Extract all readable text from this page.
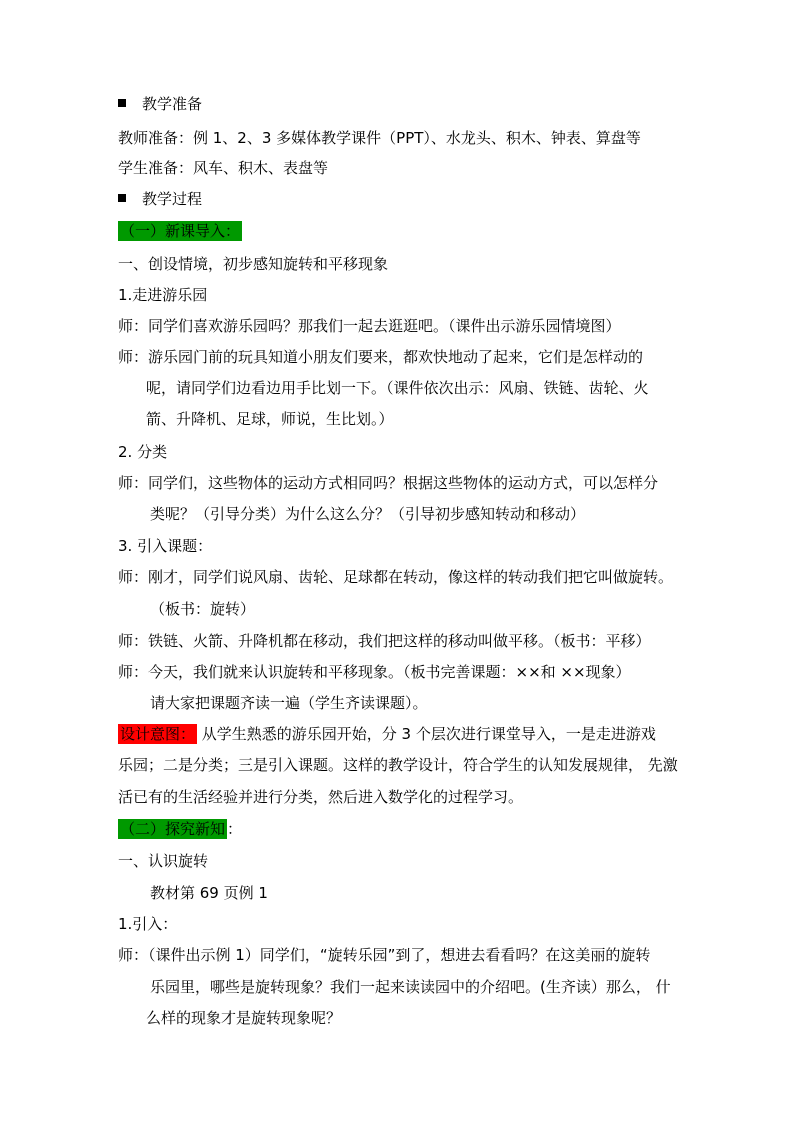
教学准备
教师准备：例 1、2、3 多媒体教学课件（PPT）、水龙头、积木、钟表、算盘等
学生准备：风车、积木、表盘等
教学过程
（一）新课导入：
一、创设情境，初步感知旋转和平移现象
1.走进游乐园
师：同学们喜欢游乐园吗？那我们一起去逛逛吧。（课件出示游乐园情境图）
师：游乐园门前的玩具知道小朋友们要来，都欢快地动了起来，它们是怎样动的
呢，请同学们边看边用手比划一下。（课件依次出示：风扇、铁链、齿轮、火
箭、升降机、足球，师说，生比划。）
2. 分类
师：同学们，这些物体的运动方式相同吗？根据这些物体的运动方式，可以怎样分
类呢？（引导分类）为什么这么分？（引导初步感知转动和移动）
3. 引入课题：
师：刚才，同学们说风扇、齿轮、足球都在转动，像这样的转动我们把它叫做旋转。
（板书：旋转）
师：铁链、火箭、升降机都在移动，我们把这样的移动叫做平移。（板书：平移）
师：今天，我们就来认识旋转和平移现象。（板书完善课题：××和 ××现象）
请大家把课题齐读一遍（学生齐读课题）。
设计意图： 从学生熟悉的游乐园开始，分 3 个层次进行课堂导入，一是走进游戏
乐园；二是分类；三是引入课题。这样的教学设计，符合学生的认知发展规律， 先激
活已有的生活经验并进行分类，然后进入数学化的过程学习。
（二）探究新知 ：
一、认识旋转
教材第 69 页例 1
1.引入：
师：（课件出示例 1）同学们，“旋转乐园”到了，想进去看看吗？在这美丽的旋转
乐园里，哪些是旋转现象？我们一起来读读园中的介绍吧。(生齐读）那么， 什
么样的现象才是旋转现象呢？
